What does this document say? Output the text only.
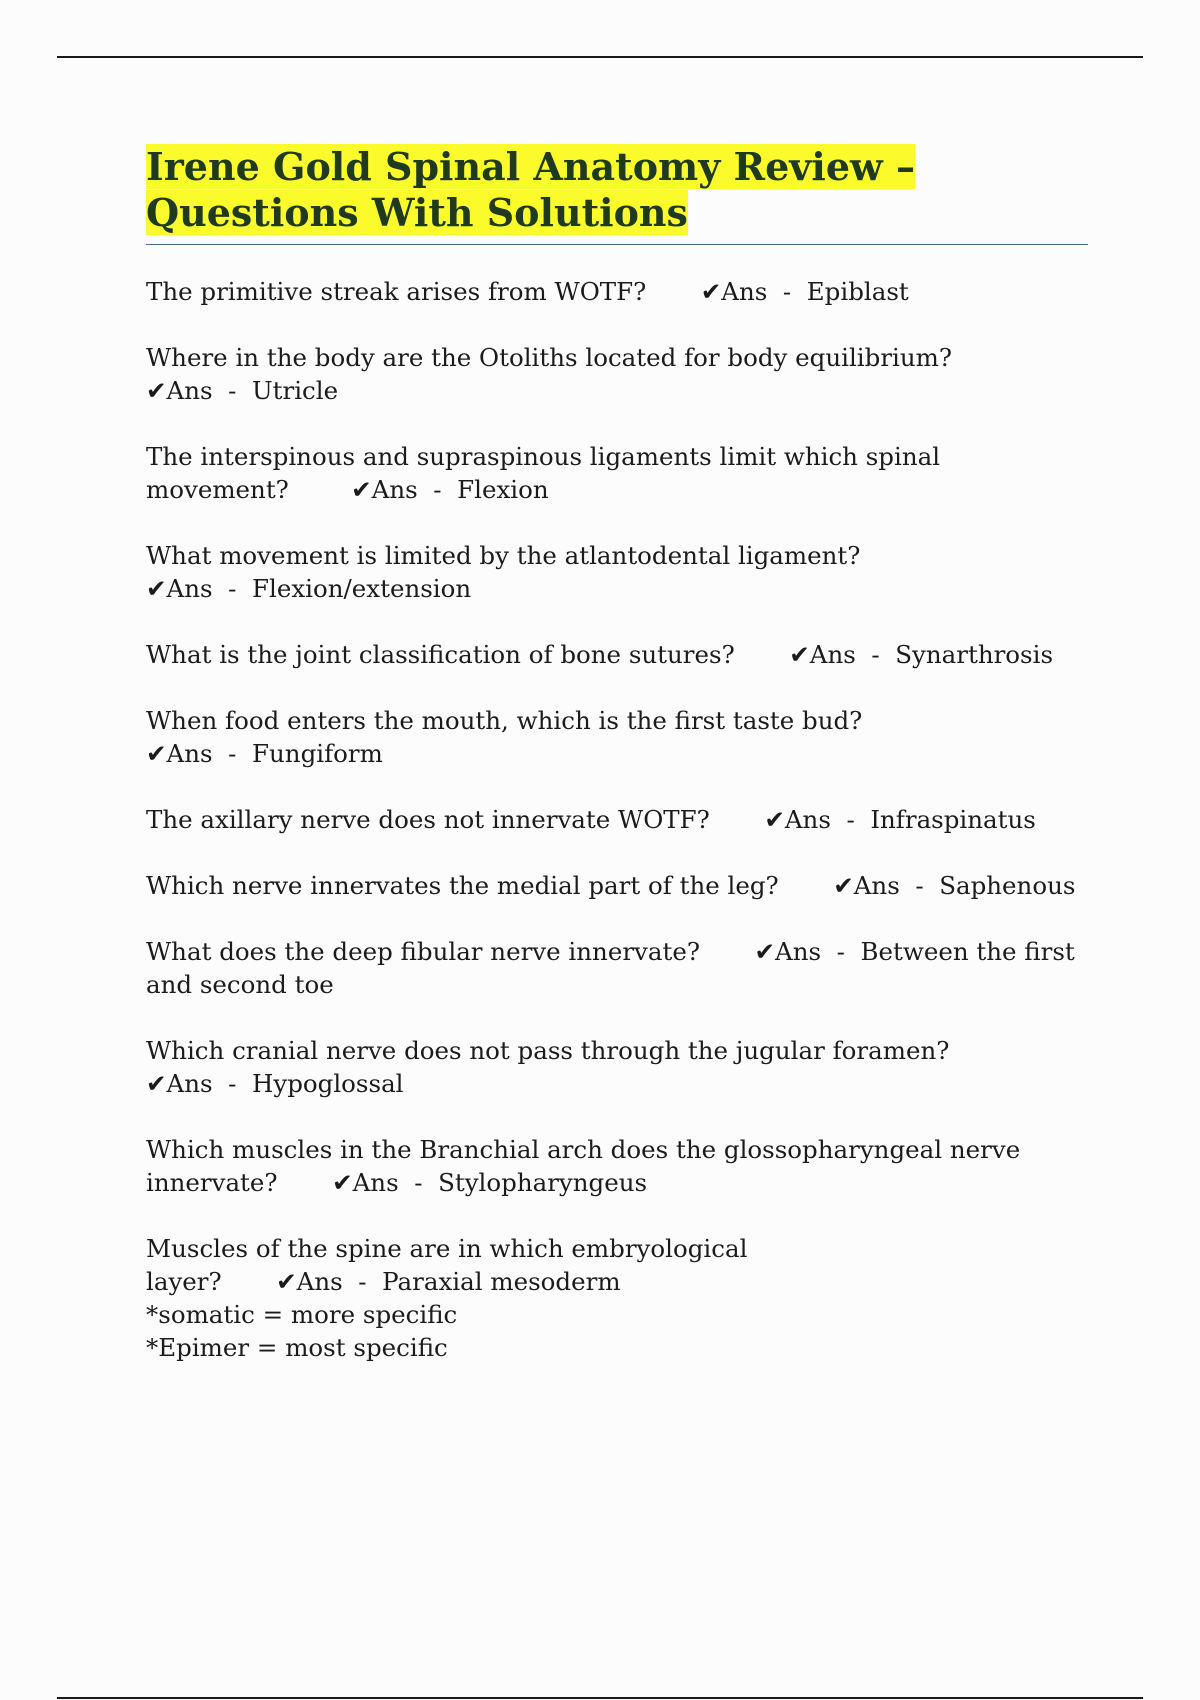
Irene Gold Spinal Anatomy Review – Questions With Solutions

The primitive streak arises from WOTF? ✔Ans  -  Epiblast

Where in the body are the Otoliths located for body equilibrium?        ✔Ans  -  Utricle

The interspinous and supraspinous ligaments limit which spinal movement?	✔Ans  -  Flexion

What movement is limited by the atlantodental ligament?        ✔Ans  -  Flexion/extension

What is the joint classification of bone sutures? ✔Ans  -  Synarthrosis

When food enters the mouth, which is the first taste bud?        ✔Ans  -  Fungiform

The axillary nerve does not innervate WOTF? ✔Ans  -  Infraspinatus

Which nerve innervates the medial part of the leg? ✔Ans  -  Saphenous

What does the deep fibular nerve innervate? ✔Ans  -  Between the first and second toe

Which cranial nerve does not pass through the jugular foramen?        ✔Ans  -  Hypoglossal

Which muscles in the Branchial arch does the glossopharyngeal nerve innervate? ✔Ans  -  Stylopharyngeus

Muscles of the spine are in which embryological layer? ✔Ans  -  Paraxial mesoderm

*somatic = more specific

*Epimer = most specific
